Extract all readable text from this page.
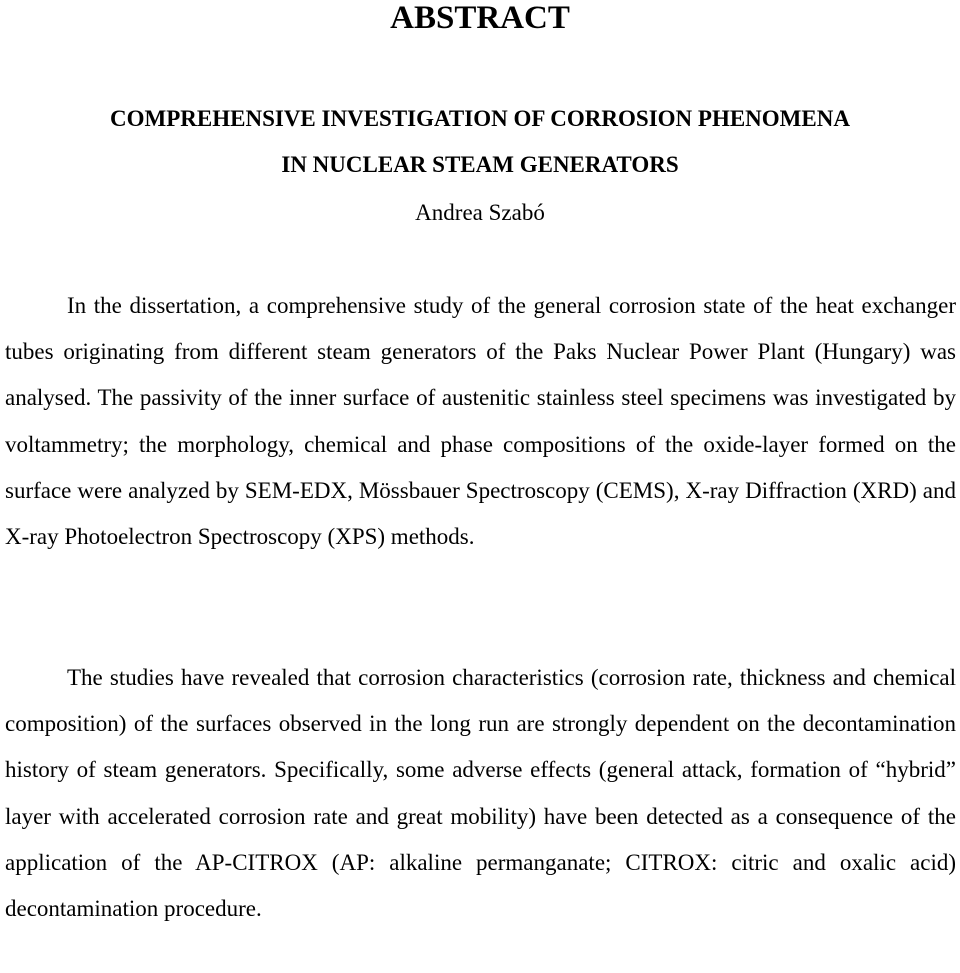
ABSTRACT
COMPREHENSIVE INVESTIGATION OF CORROSION PHENOMENA
IN NUCLEAR STEAM GENERATORS
Andrea Szabó

In the dissertation, a comprehensive study of the general corrosion state of the heat exchanger tubes originating from different steam generators of the Paks Nuclear Power Plant (Hungary) was analysed. The passivity of the inner surface of austenitic stainless steel specimens was investigated by voltammetry; the morphology, chemical and phase compositions of the oxide-layer formed on the surface were analyzed by SEM-EDX, Mössbauer Spectroscopy (CEMS), X-ray Diffraction (XRD) and X-ray Photoelectron Spectroscopy (XPS) methods.

The studies have revealed that corrosion characteristics (corrosion rate, thickness and chemical composition) of the surfaces observed in the long run are strongly dependent on the decontamination history of steam generators. Specifically, some adverse effects (general attack, formation of “hybrid” layer with accelerated corrosion rate and great mobility) have been detected as a consequence of the application of the AP-CITROX (AP: alkaline permanganate; CITROX: citric and oxalic acid) decontamination procedure.
